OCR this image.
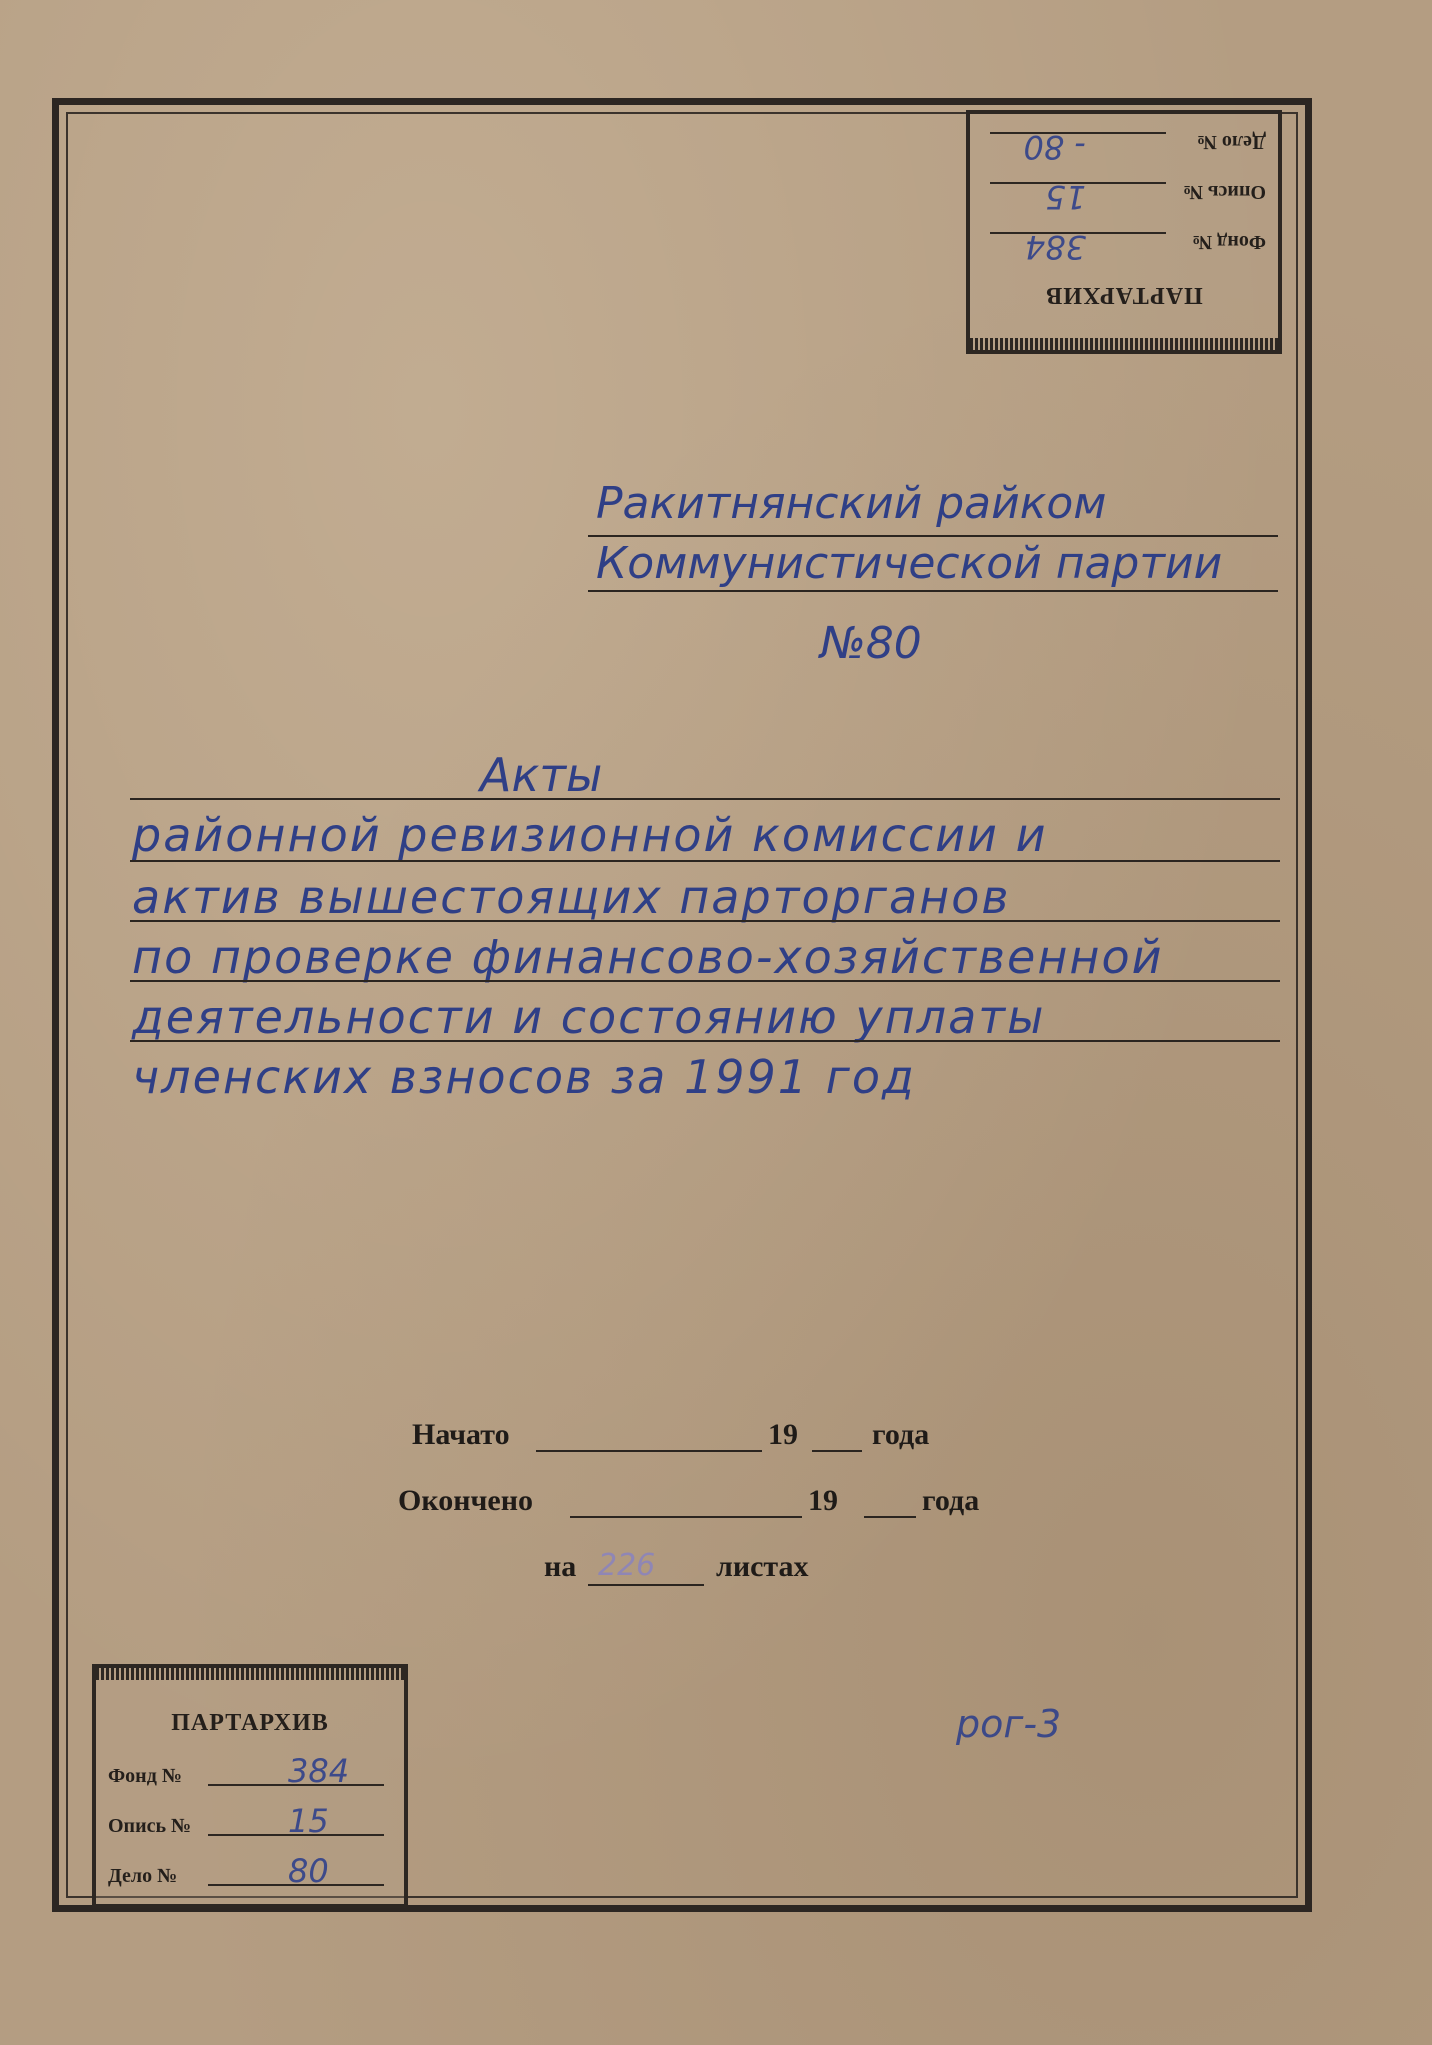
ПАРТАРХИВ
Фонд №
384
Опись №
15
Дело №
- 80
Ракитнянский райком
Коммунистической партии
№80
Акты
районной ревизионной комиссии и
актив вышестоящих парторганов
по проверке финансово-хозяйственной
деятельности и состоянию уплаты
членских взносов за 1991 год
Начато	19 года
Окончено	19	года
на 226 листах
рог-3
ПАРТАРХИВ
Фонд №	384
Опись №	15
Дело №	80
